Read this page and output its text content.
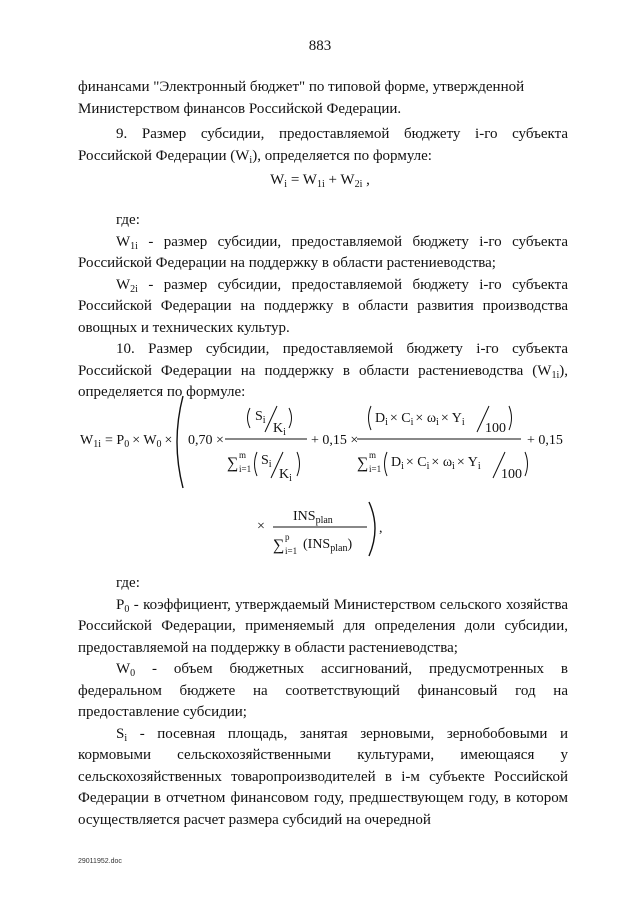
883

финансами "Электронный бюджет" по типовой форме, утвержденной
Министерством финансов Российской Федерации.

9. Размер субсидии, предоставляемой бюджету i-го субъекта Российской Федерации $(W_i)$, определяется по формуле:

$W_i = W_{1i} + W_{2i}$ ,

где:

$W_{1i}$ - размер субсидии, предоставляемой бюджету i-го субъекта Российской Федерации на поддержку в области растениеводства;

$W_{2i}$ - размер субсидии, предоставляемой бюджету i-го субъекта Российской Федерации на поддержку в области развития производства овощных и технических культур.

10. Размер субсидии, предоставляемой бюджету i-го субъекта Российской Федерации на поддержку в области растениеводства $(W_{1i})$, определяется по формуле:

$W_{1i} = P_0 \times W_0 \times 0,70$ ×
$S_i$
$K_i$
∑ m
i=1
$S_i$
$K_i$
+ 0,15 ×
$D_i \times C_i \times \omega_i \times Y_i$ 100
∑ m
i=1 $D_i \times C_i \times \omega_i \times Y_i$
100
+ 0,15
×
$INS_{plan}$
∑ p
i=1 $(INS_{plan})$
,

где:

$P_0$ - коэффициент, утверждаемый Министерством сельского хозяйства Российской Федерации, применяемый для определения доли субсидии, предоставляемой на поддержку в области растениеводства;

$W_0$ - объем бюджетных ассигнований, предусмотренных в федеральном бюджете на соответствующий финансовый год на предоставление субсидии;

$S_i$ - посевная площадь, занятая зерновыми, зернобобовыми и кормовыми сельскохозяйственными культурами, имеющаяся у сельскохозяйственных товаропроизводителей в i-м субъекте Российской Федерации в отчетном финансовом году, предшествующем году, в котором осуществляется расчет размера субсидий на очередной

29011952.doc
